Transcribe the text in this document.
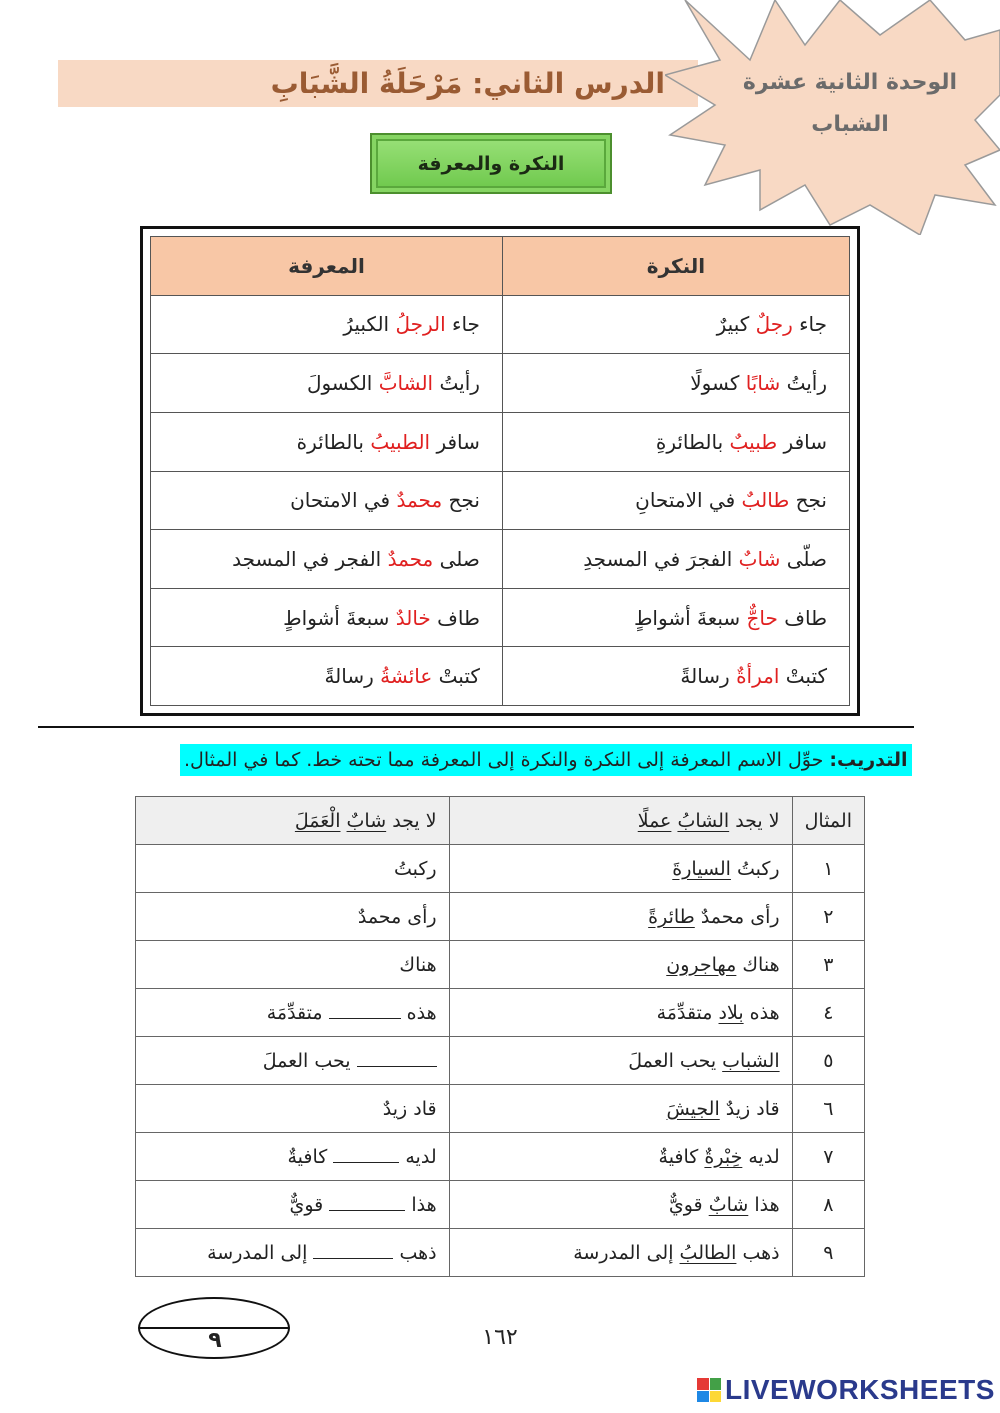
الدرس الثاني: مَرْحَلَةُ الشَّبَابِ	الوحدة الثانية عشرة
الشباب
النكرة والمعرفة
النكرة	المعرفة
جاء رجلٌ كبيرٌ	جاء الرجلُ الكبيرُ
رأيتُ شابًا كسولًا	رأيتُ الشابَّ الكسولَ
سافر طبيبٌ بالطائرةِ	سافر الطبيبُ بالطائرة
نجح طالبٌ في الامتحانِ	نجح محمدٌ في الامتحان
صلّى شابٌ الفجرَ في المسجدِ	صلى محمدٌ الفجر في المسجد
طاف حاجٌّ سبعةَ أشواطٍ	طاف خالدٌ سبعةَ أشواطٍ
كتبتْ امرأةٌ رسالةً	كتبتْ عائشةُ رسالةً
التدريب: حوِّل الاسم المعرفة إلى النكرة والنكرة إلى المعرفة مما تحته خط. كما في المثال.
المثال	لا يجد الشابُ عملًا	لا يجد شابٌ الْعَمَلَ
١	ركبتُ السيارةَ	ركبتُ
٢	رأى محمدٌ طائرةً	رأى محمدٌ
٣	هناك مهاجرون	هناك
٤	هذه بلاد متقدِّمَة	هذه  متقدِّمَة
٥	الشباب يحب العملَ	يحب العملَ
٦	قاد زيدٌ الجيشَ	قاد زيدٌ
٧	لديه خِبْرةٌ كافيةٌ	لديه  كافيةٌ
٨	هذا شابٌ قويٌّ	هذا  قويٌّ
٩	ذهب الطالبُ إلى المدرسة	ذهب  إلى المدرسة
٩	١٦٢
LIVEWORKSHEETS
